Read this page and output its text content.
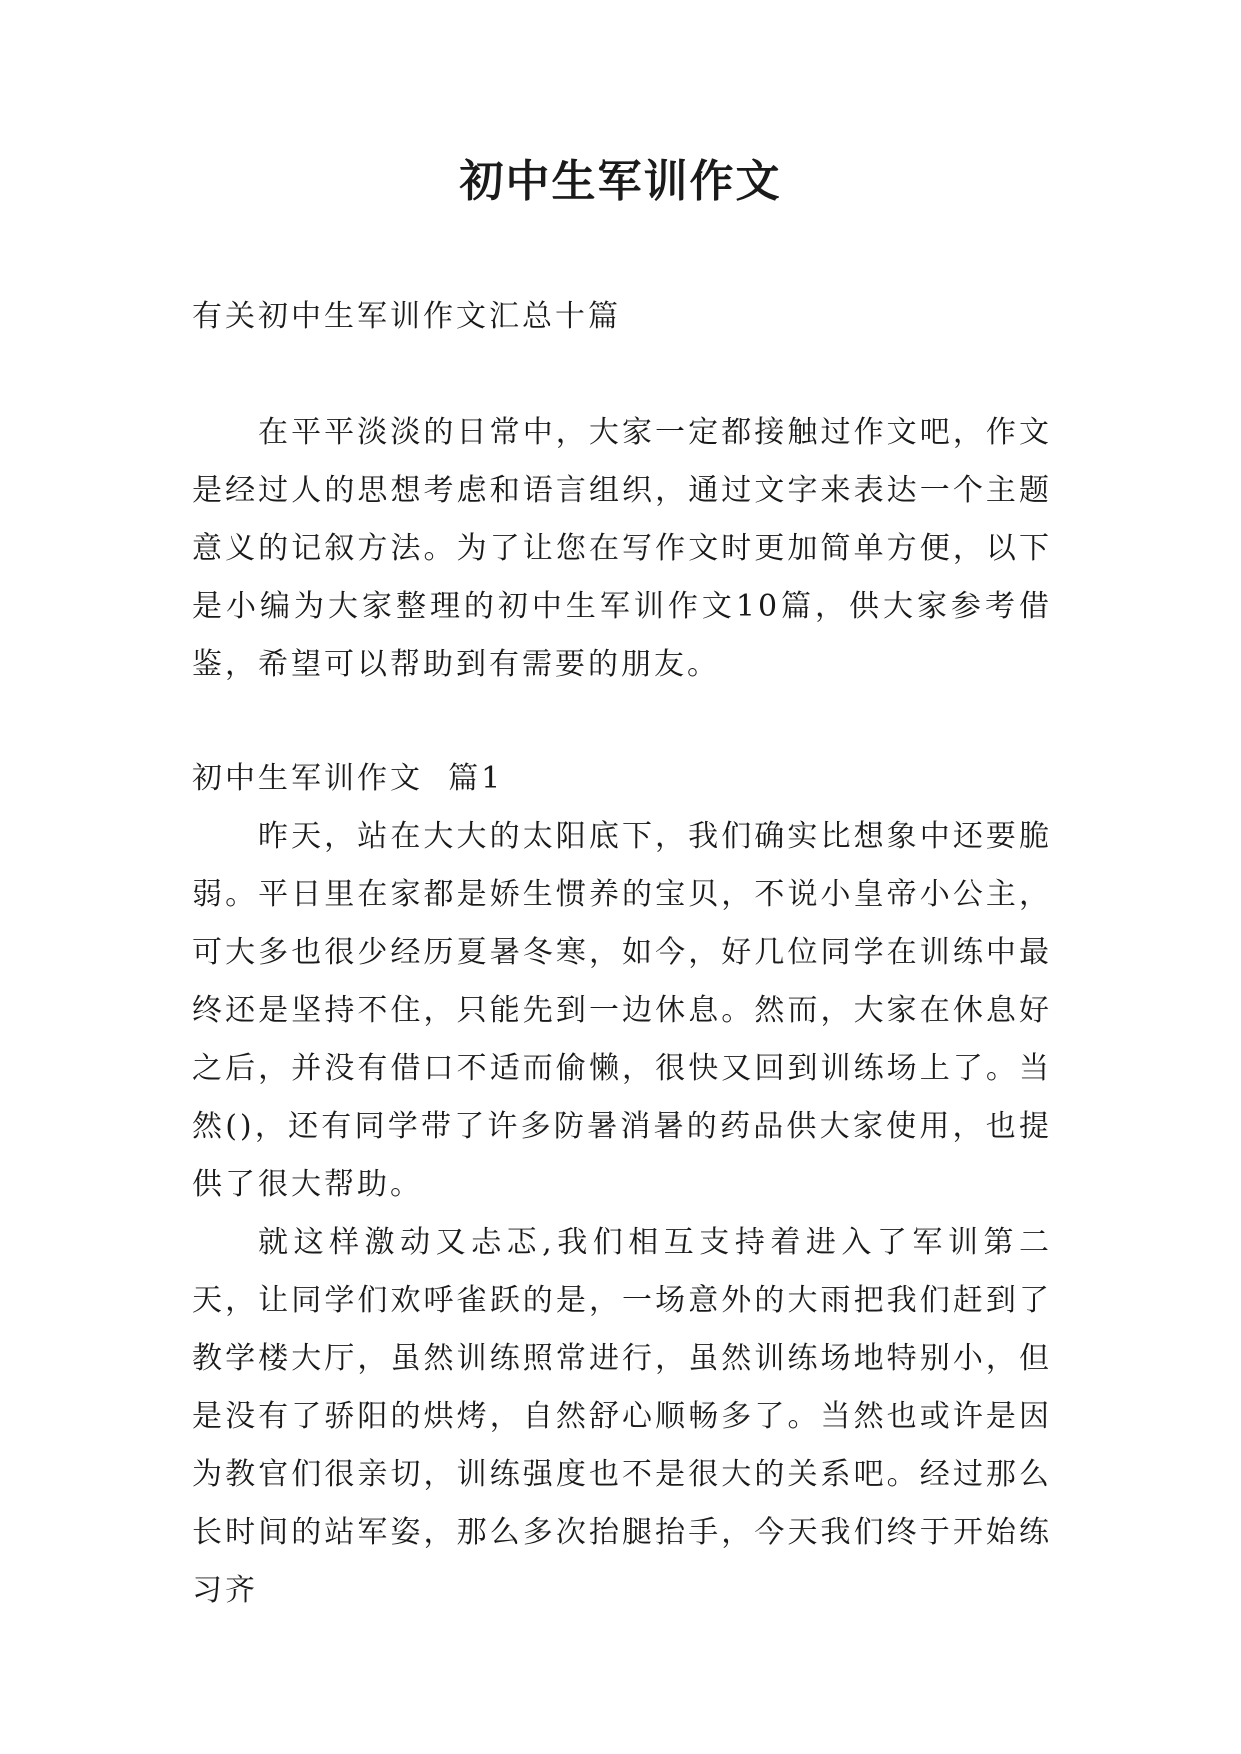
初中生军训作文

有关初中生军训作文汇总十篇

在平平淡淡的日常中，大家一定都接触过作文吧，作文是经过人的思想考虑和语言组织，通过文字来表达一个主题意义的记叙方法。为了让您在写作文时更加简单方便，以下是小编为大家整理的初中生军训作文10篇，供大家参考借鉴，希望可以帮助到有需要的朋友。

初中生军训作文  篇1

昨天，站在大大的太阳底下，我们确实比想象中还要脆弱。平日里在家都是娇生惯养的宝贝，不说小皇帝小公主，可大多也很少经历夏暑冬寒，如今，好几位同学在训练中最终还是坚持不住，只能先到一边休息。然而，大家在休息好之后，并没有借口不适而偷懒，很快又回到训练场上了。当然()，还有同学带了许多防暑消暑的药品供大家使用，也提供了很大帮助。

就这样激动又忐忑,我们相互支持着进入了军训第二天，让同学们欢呼雀跃的是，一场意外的大雨把我们赶到了教学楼大厅，虽然训练照常进行，虽然训练场地特别小，但是没有了骄阳的烘烤，自然舒心顺畅多了。当然也或许是因为教官们很亲切，训练强度也不是很大的关系吧。经过那么长时间的站军姿，那么多次抬腿抬手，今天我们终于开始练习齐
